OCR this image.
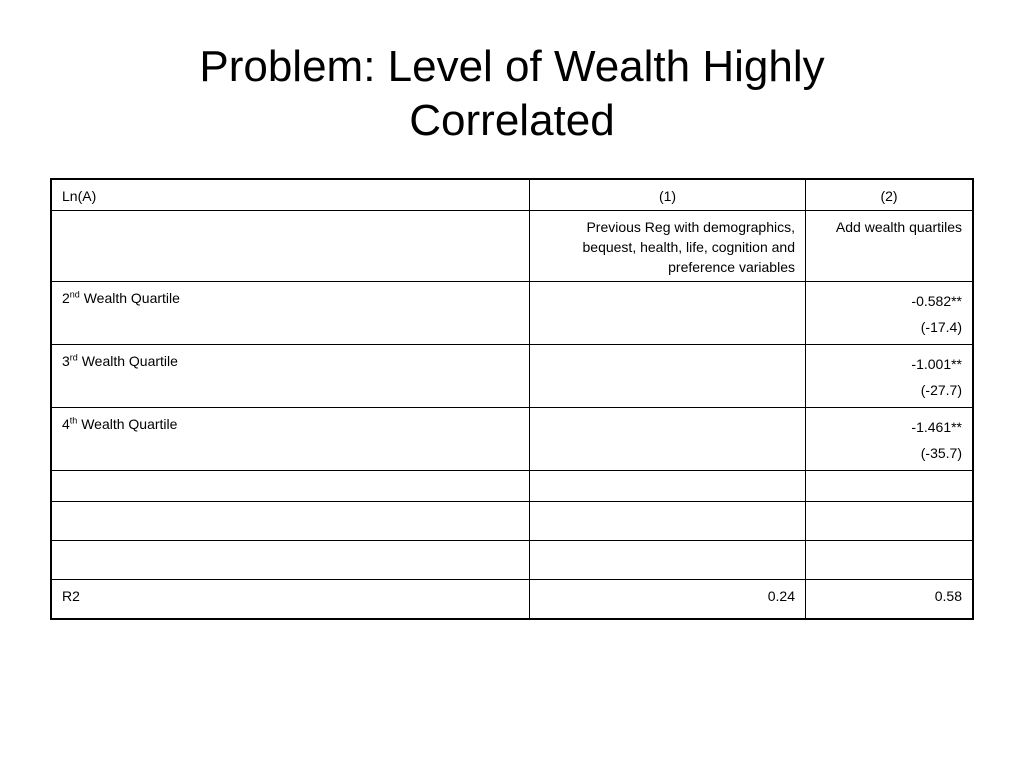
Problem: Level of Wealth Highly
Correlated
Ln(A)	(1)	(2)
	Previous Reg with demographics, bequest, health, life, cognition and preference variables	Add wealth quartiles
2nd Wealth Quartile		-0.582**
(-17.4)

3rd Wealth Quartile		-1.001**
(-27.7)

4th Wealth Quartile		-1.461**
(-35.7)

R2	0.24	0.58
